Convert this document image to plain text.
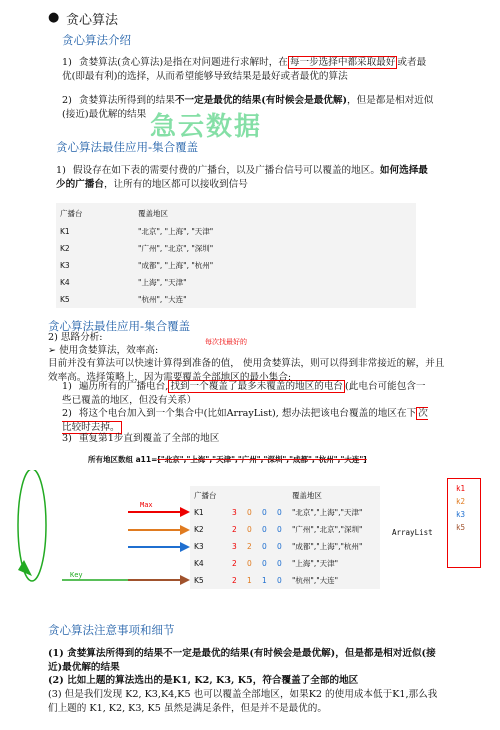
● 贪心算法
贪心算法介绍
1) 贪婪算法(贪心算法)是指在对问题进行求解时，在 每一步选择中都采取最好 或者最优(即最有利)的选择，从而希望能够导致结果是最好或者最优的算法
2) 贪婪算法所得到的结果不一定是最优的结果(有时候会是最优解)，但是都是相对近似(接近)最优解的结果 急云数据
贪心算法最佳应用-集合覆盖
1) 假设存在如下表的需要付费的广播台，以及广播台信号可以覆盖的地区。如何选择最少的广播台，让所有的地区都可以接收到信号
广播台	覆盖地区
K1	"北京", "上海", "天津"
K2	"广州", "北京", "深圳"
K3	"成都", "上海", "杭州"
K4	"上海", "天津"
K5	"杭州", "大连"
贪心算法最佳应用-集合覆盖
每次找最好的
2) 思路分析:
➢ 使用贪婪算法，效率高:
目前并没有算法可以快速计算得到准备的值， 使用贪婪算法，则可以得到非常接近的解，并且效率高。选择策略上，因为需要覆盖全部地区的最小集合:
1) 遍历所有的广播电台, 找到一个覆盖了最多未覆盖的地区的电台 (此电台可能包含一些已覆盖的地区，但没有关系）
2) 将这个电台加入到一个集合中(比如ArrayList), 想办法把该电台覆盖的地区在下 次比较时去掉。
3) 重复第1步直到覆盖了全部的地区
所有地区数组 a11=["北京","上海","天津","广州","深圳","成都","杭州","大连"]
Max
Key
广播台					覆盖地区
K1	3	0	0	0	"北京","上海","天津"
K2	2	0	0	0	"广州","北京","深圳"
K3	3	2	0	0	"成都","上海","杭州"
K4	2	0	0	0	"上海","天津"
K5	2	1	1	0	"杭州","大连"
ArrayList
k1
k2
k3
k5
贪心算法注意事项和细节
(1) 贪婪算法所得到的结果不一定是最优的结果(有时候会是最优解)，但是都是相对近似(接近)最优解的结果
(2) 比如上题的算法选出的是K1, K2, K3, K5，符合覆盖了全部的地区
(3) 但是我们发现 K2, K3,K4,K5 也可以覆盖全部地区，如果K2 的使用成本低于K1,那么我们上题的 K1, K2, K3, K5 虽然是满足条件，但是并不是最优的。
